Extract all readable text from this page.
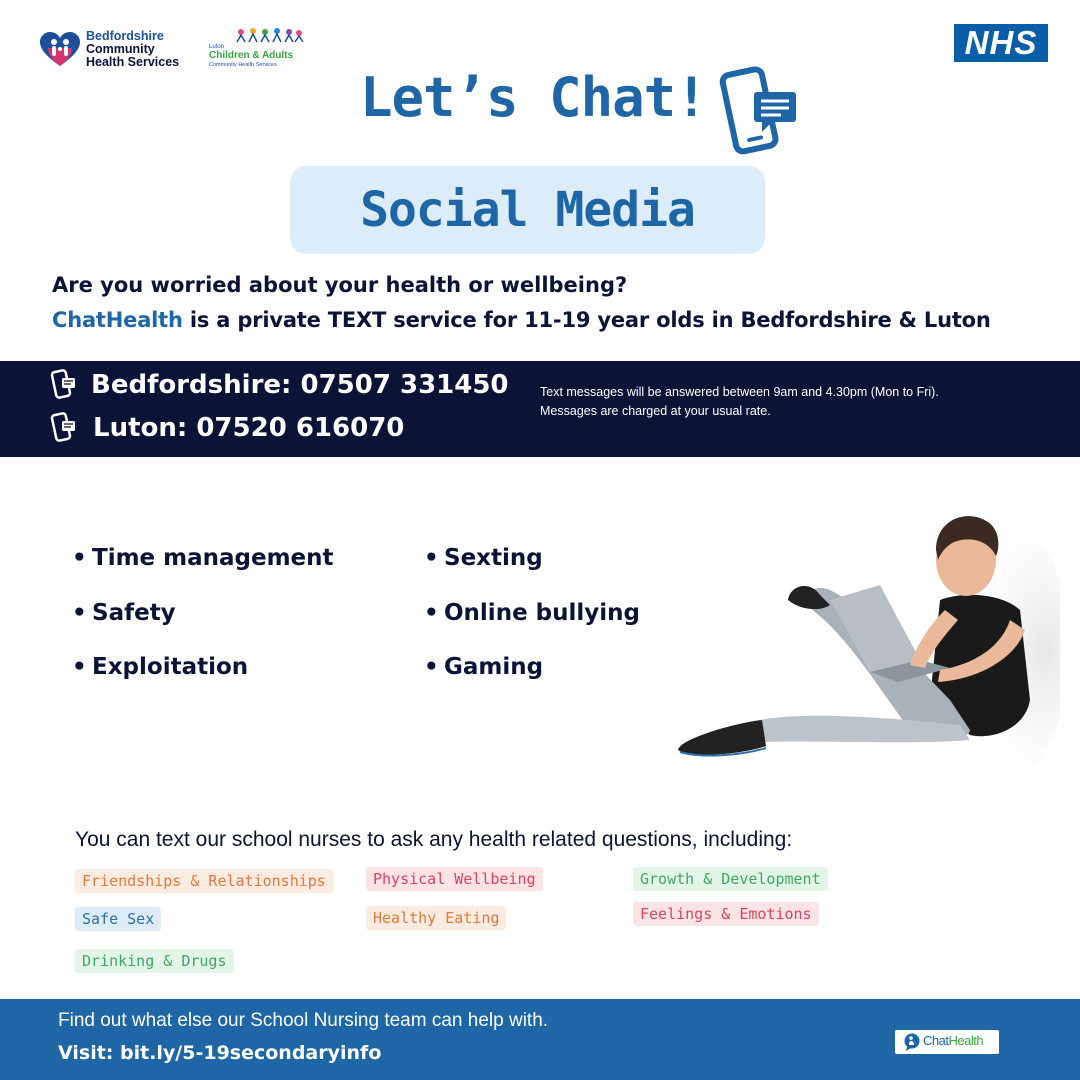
Bedfordshire
Community
Health Services
Luton
Children & Adults
Community Health Services
NHS
Let’s Chat!
Social Media
Are you worried about your health or wellbeing?
ChatHealth is a private TEXT service for 11-19 year olds in Bedfordshire & Luton
Bedfordshire: 07507 331450
Luton: 07520 616070
Text messages will be answered between 9am and 4.30pm (Mon to Fri).
Messages are charged at your usual rate.
• Time management
• Safety
• Exploitation
• Sexting
• Online bullying
• Gaming
You can text our school nurses to ask any health related questions, including:
Friendships & Relationships	Physical Wellbeing	Growth & Development
Safe Sex	Healthy Eating	Feelings & Emotions
Drinking & Drugs
Find out what else our School Nursing team can help with.
Visit: bit.ly/5-19secondaryinfo
ChatHealth
